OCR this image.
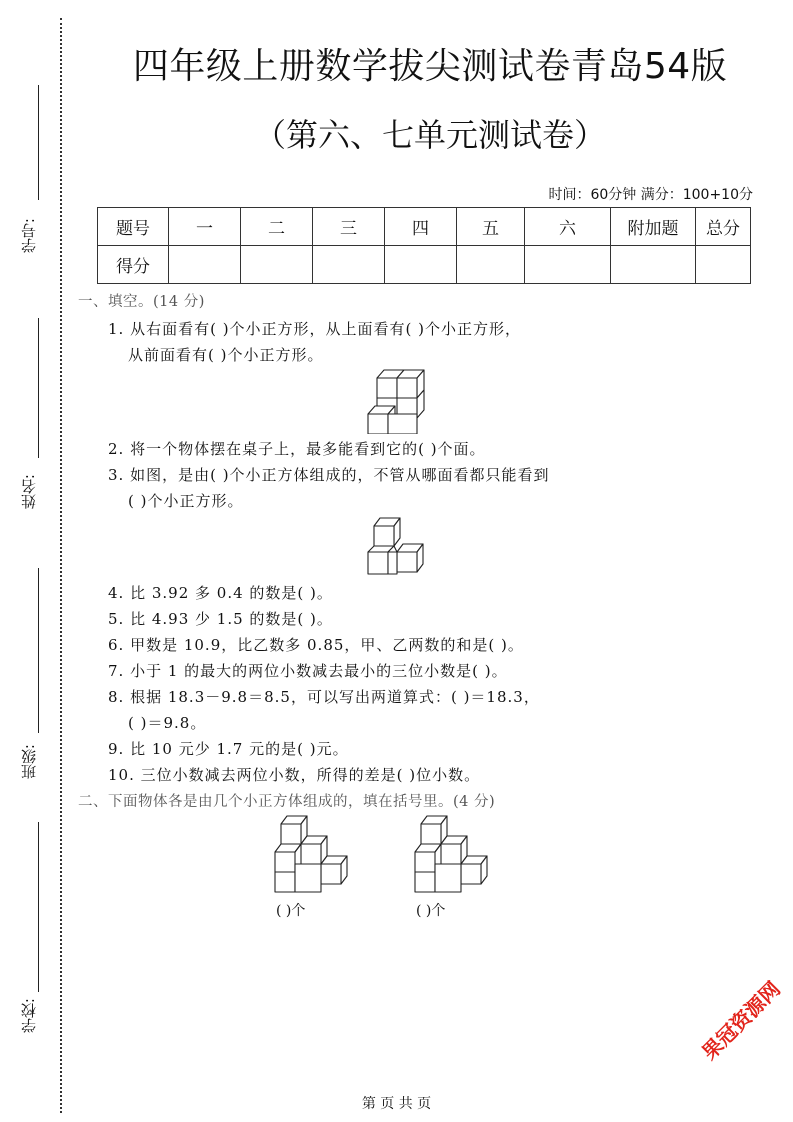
学号:
姓名:
班级:
学校:
四年级上册数学拔尖测试卷青岛54版
（第六、七单元测试卷）
时间：60分钟 满分：100+10分
题号	一	二	三	四	五	六	附加题	总分
得分								
一、填空。(14 分)
1. 从右面看有( )个小正方形，从上面看有( )个小正方形，
从前面看有( )个小正方形。
2. 将一个物体摆在桌子上，最多能看到它的( )个面。
3. 如图，是由( )个小正方体组成的，不管从哪面看都只能看到
( )个小正方形。
4. 比 3.92 多 0.4 的数是( )。
5. 比 4.93 少 1.5 的数是( )。
6. 甲数是 10.9，比乙数多 0.85，甲、乙两数的和是( )。
7. 小于 1 的最大的两位小数减去最小的三位小数是( )。
8. 根据 18.3－9.8＝8.5，可以写出两道算式：( )＝18.3，
( )＝9.8。
9. 比 10 元少 1.7 元的是( )元。
10. 三位小数减去两位小数，所得的差是( )位小数。
二、下面物体各是由几个小正方体组成的，填在括号里。(4 分)
( )个	( )个
果冠资源网
第 页 共 页
